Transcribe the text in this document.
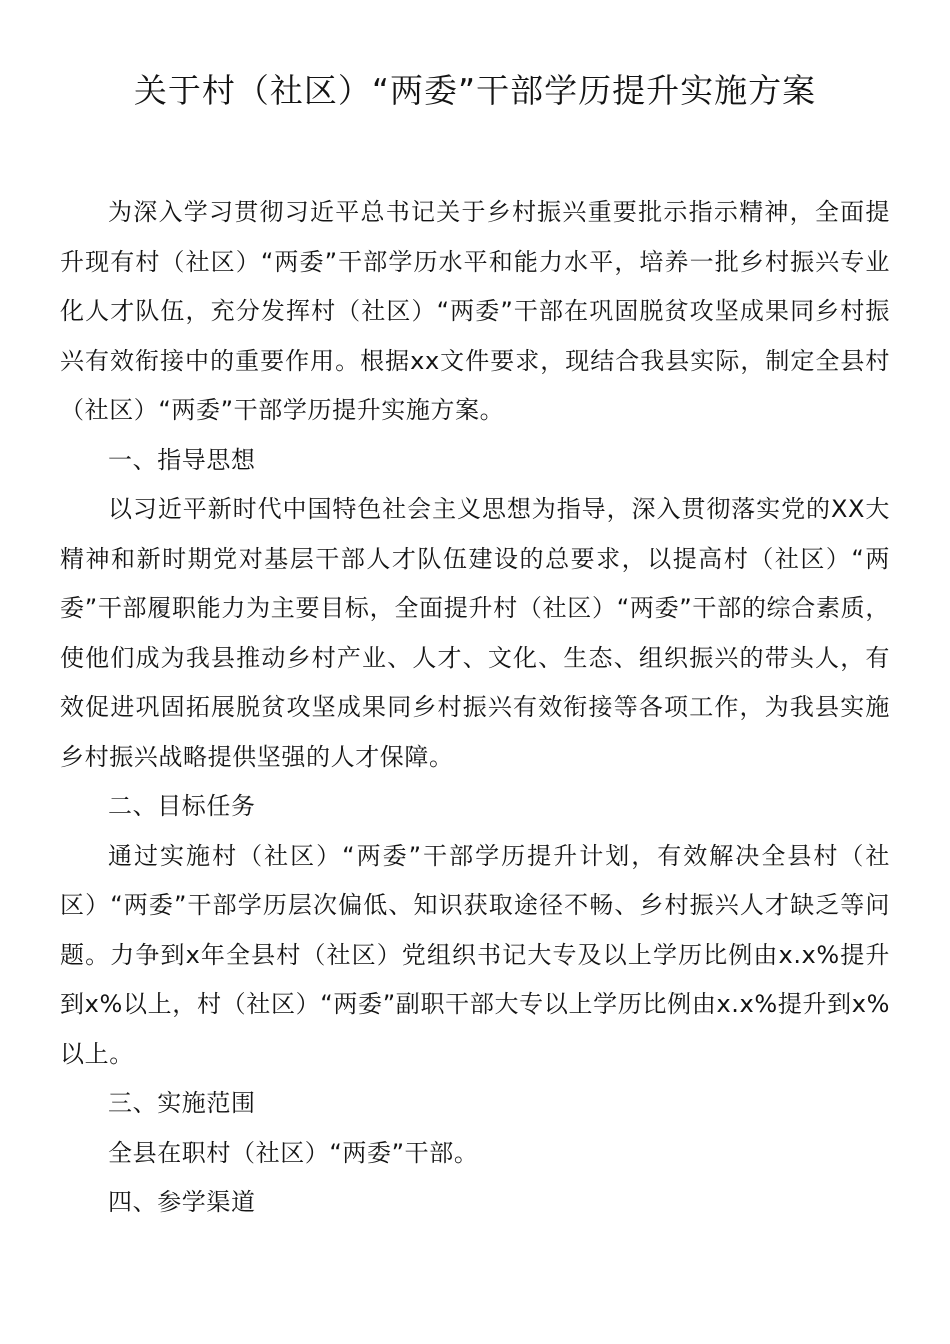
关于村（社区）“两委”干部学历提升实施方案

为深入学习贯彻习近平总书记关于乡村振兴重要批示指示精神，全面提升现有村（社区）“两委”干部学历水平和能力水平，培养一批乡村振兴专业化人才队伍，充分发挥村（社区）“两委”干部在巩固脱贫攻坚成果同乡村振兴有效衔接中的重要作用。根据xx文件要求，现结合我县实际，制定全县村（社区）“两委”干部学历提升实施方案。

一、指导思想

以习近平新时代中国特色社会主义思想为指导，深入贯彻落实党的XX大精神和新时期党对基层干部人才队伍建设的总要求，以提高村（社区）“两委”干部履职能力为主要目标，全面提升村（社区）“两委”干部的综合素质，使他们成为我县推动乡村产业、人才、文化、生态、组织振兴的带头人，有效促进巩固拓展脱贫攻坚成果同乡村振兴有效衔接等各项工作，为我县实施乡村振兴战略提供坚强的人才保障。

二、目标任务

通过实施村（社区）“两委”干部学历提升计划，有效解决全县村（社区）“两委”干部学历层次偏低、知识获取途径不畅、乡村振兴人才缺乏等问题。力争到x年全县村（社区）党组织书记大专及以上学历比例由x.x%提升到x%以上，村（社区）“两委”副职干部大专以上学历比例由x.x%提升到x%以上。

三、实施范围

全县在职村（社区）“两委”干部。

四、参学渠道
